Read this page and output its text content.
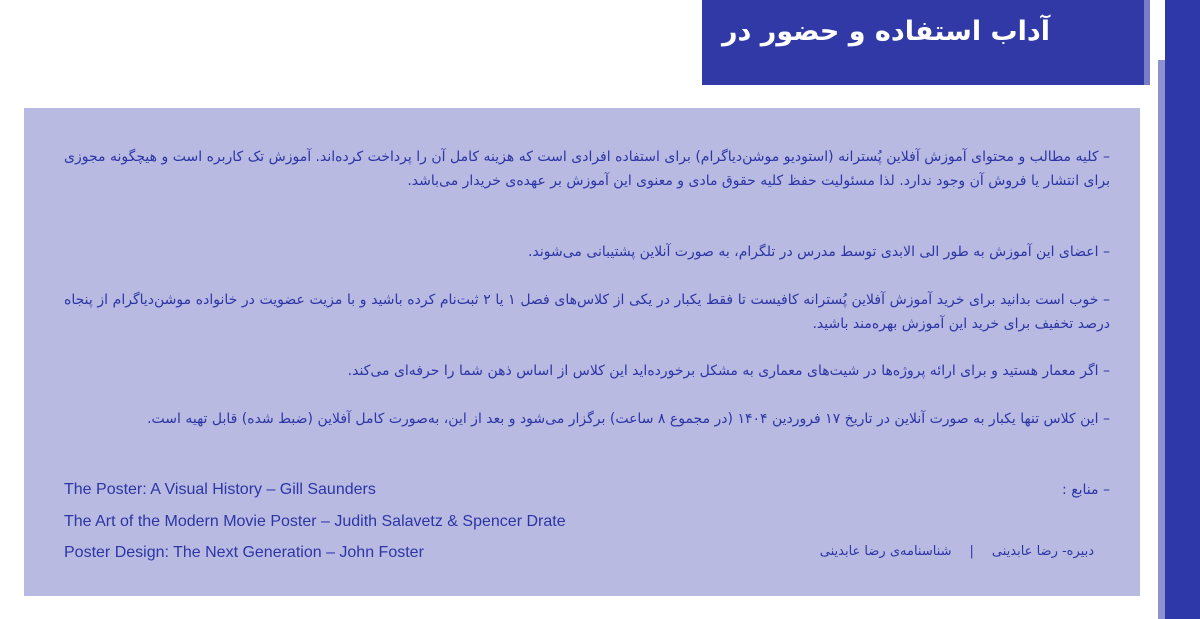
آداب استفاده و حضور در
– کلیه مطالب و محتوای آموزش آفلاین پُسترانه (استودیو موشن‌دیاگرام) برای استفاده افرادی است که هزینه کامل آن را پرداخت کرده‌اند. آموزش تک کاربره است و هیچگونه مجوزی برای انتشار یا فروش آن وجود ندارد. لذا مسئولیت حفظ کلیه حقوق مادی و معنوی این آموزش بر عهده‌ی خریدار می‌باشد.
– اعضای این آموزش به طور الی الابدی توسط مدرس در تلگرام، به صورت آنلاین پشتیبانی می‌شوند.
– خوب است بدانید برای خرید آموزش آفلاین پُسترانه کافیست تا فقط یکبار در یکی از کلاس‌های فصل ۱ یا ۲ ثبت‌نام کرده باشید و با مزیت عضویت در خانواده موشن‌دیاگرام از پنجاه درصد تخفیف برای خرید این آموزش بهره‌مند باشید.
– اگر معمار هستید و برای ارائه پروژه‌ها در شیت‌های معماری به مشکل برخورده‌اید این کلاس از اساس ذهن شما را حرفه‌ای می‌کند.
– این کلاس تنها یکبار به صورت آنلاین در تاریخ ۱۷ فروردین ۱۴۰۴ (در مجموع ۸ ساعت) برگزار می‌شود و بعد از این، به‌صورت کامل آفلاین (ضبط شده) قابل تهیه است.
– منابع :
The Poster: A Visual History – Gill Saunders
The Art of the Modern Movie Poster – Judith Salavetz & Spencer Drate
Poster Design: The Next Generation – John Foster	دبیره- رضا عابدینی|شناسنامه‌ی رضا عابدینی
